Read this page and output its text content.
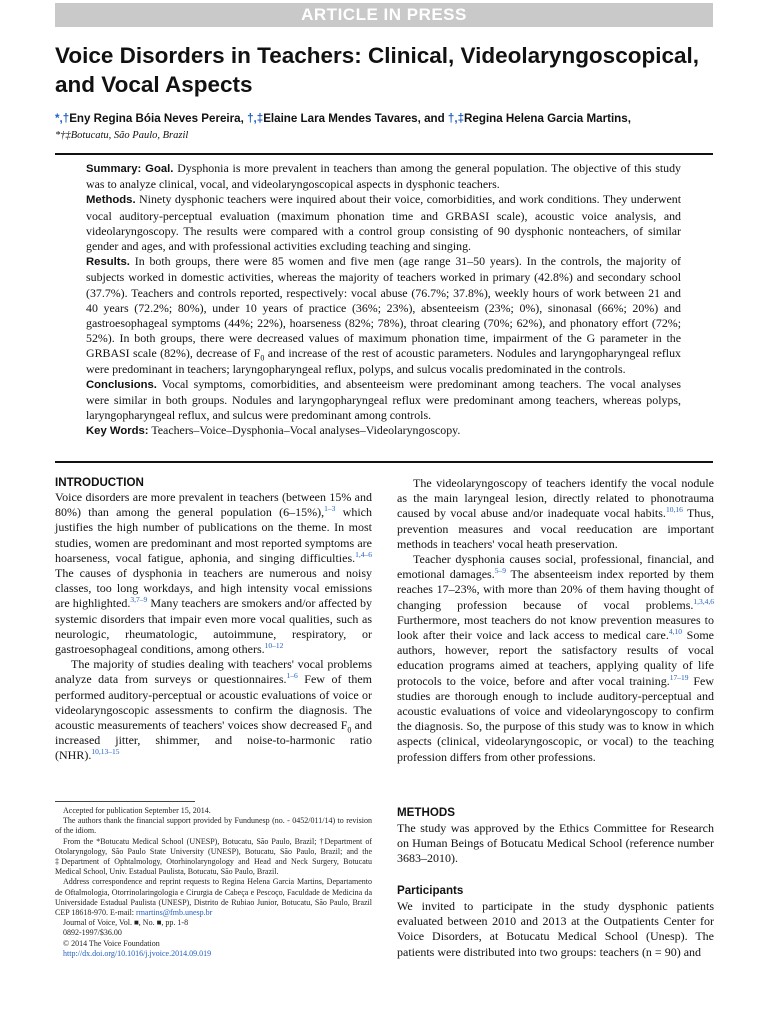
ARTICLE IN PRESS
Voice Disorders in Teachers: Clinical, Videolaryngoscopical, and Vocal Aspects
*,†Eny Regina Bóia Neves Pereira, †,‡Elaine Lara Mendes Tavares, and †,‡Regina Helena Garcia Martins,
*†‡Botucatu, São Paulo, Brazil

Summary: Goal. Dysphonia is more prevalent in teachers than among the general population. The objective of this study was to analyze clinical, vocal, and videolaryngoscopical aspects in dysphonic teachers.

Methods. Ninety dysphonic teachers were inquired about their voice, comorbidities, and work conditions. They underwent vocal auditory-perceptual evaluation (maximum phonation time and GRBASI scale), acoustic voice analysis, and videolaryngoscopy. The results were compared with a control group consisting of 90 dysphonic nonteachers, of similar gender and ages, and with professional activities excluding teaching and singing.

Results. In both groups, there were 85 women and five men (age range 31–50 years). In the controls, the majority of subjects worked in domestic activities, whereas the majority of teachers worked in primary (42.8%) and secondary school (37.7%). Teachers and controls reported, respectively: vocal abuse (76.7%; 37.8%), weekly hours of work between 21 and 40 years (72.2%; 80%), under 10 years of practice (36%; 23%), absenteeism (23%; 0%), sinonasal (66%; 20%) and gastroesophageal symptoms (44%; 22%), hoarseness (82%; 78%), throat clearing (70%; 62%), and phonatory effort (72%; 52%). In both groups, there were decreased values of maximum phonation time, impairment of the G parameter in the GRBASI scale (82%), decrease of $F_0$ and increase of the rest of acoustic parameters. Nodules and laryngopharyngeal reflux were predominant in teachers; laryngopharyngeal reflux, polyps, and sulcus vocalis predominated in the controls.

Conclusions. Vocal symptoms, comorbidities, and absenteeism were predominant among teachers. The vocal analyses were similar in both groups. Nodules and laryngopharyngeal reflux were predominant among teachers, whereas polyps, laryngopharyngeal reflux, and sulcus were predominant among controls.

Key Words: Teachers–Voice–Dysphonia–Vocal analyses–Videolaryngoscopy.

INTRODUCTION

Voice disorders are more prevalent in teachers (between 15% and 80%) than among the general population (6–15%),$^{1-3}$ which justifies the high number of publications on the theme. In most studies, women are predominant and most reported symptoms are hoarseness, vocal fatigue, aphonia, and singing difficulties.$^{1,4-6}$ The causes of dysphonia in teachers are numerous and noisy classes, too long workdays, and high intensity vocal emissions are highlighted.$^{3,7-9}$ Many teachers are smokers and/or affected by systemic disorders that impair even more vocal qualities, such as neurologic, rheumatologic, autoimmune, respiratory, or gastroesophageal conditions, among others.$^{10-12}$

The majority of studies dealing with teachers' vocal problems analyze data from surveys or questionnaires.$^{1-6}$ Few of them performed auditory-perceptual or acoustic evaluations of voice or videolaryngoscopic assessments to confirm the diagnosis. The acoustic measurements of teachers' voices show decreased $F_0$ and increased jitter, shimmer, and noise-to-harmonic ratio (NHR).$^{10,13-15}$

Accepted for publication September 15, 2014.

The authors thank the financial support provided by Fundunesp (no. - 0452/011/14) to revision of the idiom.

From the *Botucatu Medical School (UNESP), Botucatu, São Paulo, Brazil; †Department of Otolaryngology, São Paulo State University (UNESP), Botucatu, São Paulo, Brazil; and the ‡Department of Ophtalmology, Otorhinolaryngology and Head and Neck Surgery, Botucatu Medical School, Univ. Estadual Paulista, Botucatu, São Paulo, Brazil.

Address correspondence and reprint requests to Regina Helena Garcia Martins, Departamento de Oftalmologia, Otorrinolaringologia e Cirurgia de Cabeça e Pescoço, Faculdade de Medicina da Universidade Estadual Paulista (UNESP), Distrito de Rubiao Junior, Botucatu, São Paulo, Brazil CEP 18618-970. E-mail: rmartins@fmb.unesp.br

Journal of Voice, Vol. ■, No. ■, pp. 1-8

0892-1997/$36.00

© 2014 The Voice Foundation

http://dx.doi.org/10.1016/j.jvoice.2014.09.019

The videolaryngoscopy of teachers identify the vocal nodule as the main laryngeal lesion, directly related to phonotrauma caused by vocal abuse and/or inadequate vocal habits.$^{10,16}$ Thus, prevention measures and vocal reeducation are important methods in teachers' vocal heath preservation.

Teacher dysphonia causes social, professional, financial, and emotional damages.$^{5-9}$ The absenteeism index reported by them reaches 17–23%, with more than 20% of them having thought of changing profession because of vocal problems.$^{1,3,4,6}$ Furthermore, most teachers do not know prevention measures to look after their voice and lack access to medical care.$^{4,10}$ Some authors, however, report the satisfactory results of vocal education programs aimed at teachers, applying quality of life protocols to the voice, before and after vocal training.$^{17-19}$ Few studies are thorough enough to include auditory-perceptual and acoustic evaluations of voice and videolaryngoscopy to confirm the diagnosis. So, the purpose of this study was to know in which aspects (clinical, videolaryngoscopic, or vocal) to the teaching profession differs from other professions.

METHODS

The study was approved by the Ethics Committee for Research on Human Beings of Botucatu Medical School (reference number 3683–2010).

Participants

We invited to participate in the study dysphonic patients evaluated between 2010 and 2013 at the Outpatients Center for Voice Disorders, at Botucatu Medical School (Unesp). The patients were distributed into two groups: teachers (n = 90) and
